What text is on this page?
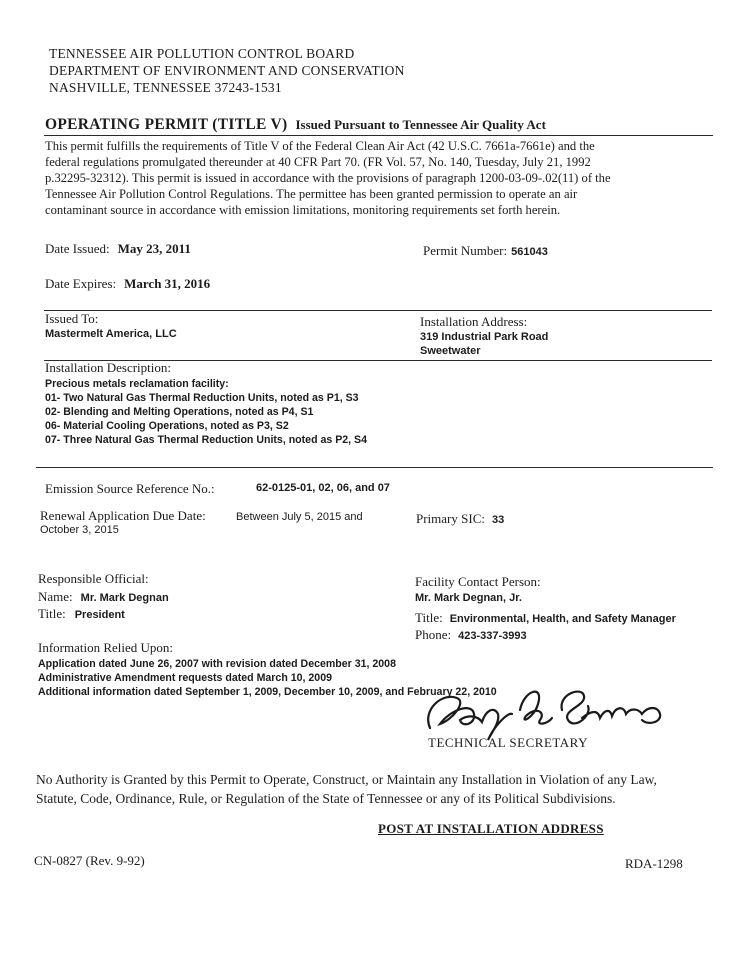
TENNESSEE AIR POLLUTION CONTROL BOARD
DEPARTMENT OF ENVIRONMENT AND CONSERVATION
NASHVILLE, TENNESSEE 37243-1531
OPERATING PERMIT (TITLE V) Issued Pursuant to Tennessee Air Quality Act
This permit fulfills the requirements of Title V of the Federal Clean Air Act (42 U.S.C. 7661a-7661e) and the
federal regulations promulgated thereunder at 40 CFR Part 70. (FR Vol. 57, No. 140, Tuesday, July 21, 1992
p.32295-32312). This permit is issued in accordance with the provisions of paragraph 1200-03-09-.02(11) of the
Tennessee Air Pollution Control Regulations. The permittee has been granted permission to operate an air
contaminant source in accordance with emission limitations, monitoring requirements set forth herein.
Date Issued: May 23, 2011	Permit Number: 561043
Date Expires: March 31, 2016
Issued To:
Mastermelt America, LLC
Installation Address:
319 Industrial Park Road
Sweetwater
Installation Description:
Precious metals reclamation facility:
01- Two Natural Gas Thermal Reduction Units, noted as P1, S3
02- Blending and Melting Operations, noted as P4, S1
06- Material Cooling Operations, noted as P3, S2
07- Three Natural Gas Thermal Reduction Units, noted as P2, S4
Emission Source Reference No.:	62-0125-01, 02, 06, and 07
Renewal Application Due Date:	Between July 5, 2015 and
October 3, 2015
Primary SIC: 33
Responsible Official:
Name: Mr. Mark Degnan
Title: President
Facility Contact Person:
Mr. Mark Degnan, Jr.
Title: Environmental, Health, and Safety Manager
Phone: 423-337-3993
Information Relied Upon:
Application dated June 26, 2007 with revision dated December 31, 2008
Administrative Amendment requests dated March 10, 2009
Additional information dated September 1, 2009, December 10, 2009, and February 22, 2010
TECHNICAL SECRETARY
No Authority is Granted by this Permit to Operate, Construct, or Maintain any Installation in Violation of any Law,
Statute, Code, Ordinance, Rule, or Regulation of the State of Tennessee or any of its Political Subdivisions.
POST AT INSTALLATION ADDRESS
CN-0827 (Rev. 9-92)	RDA-1298
